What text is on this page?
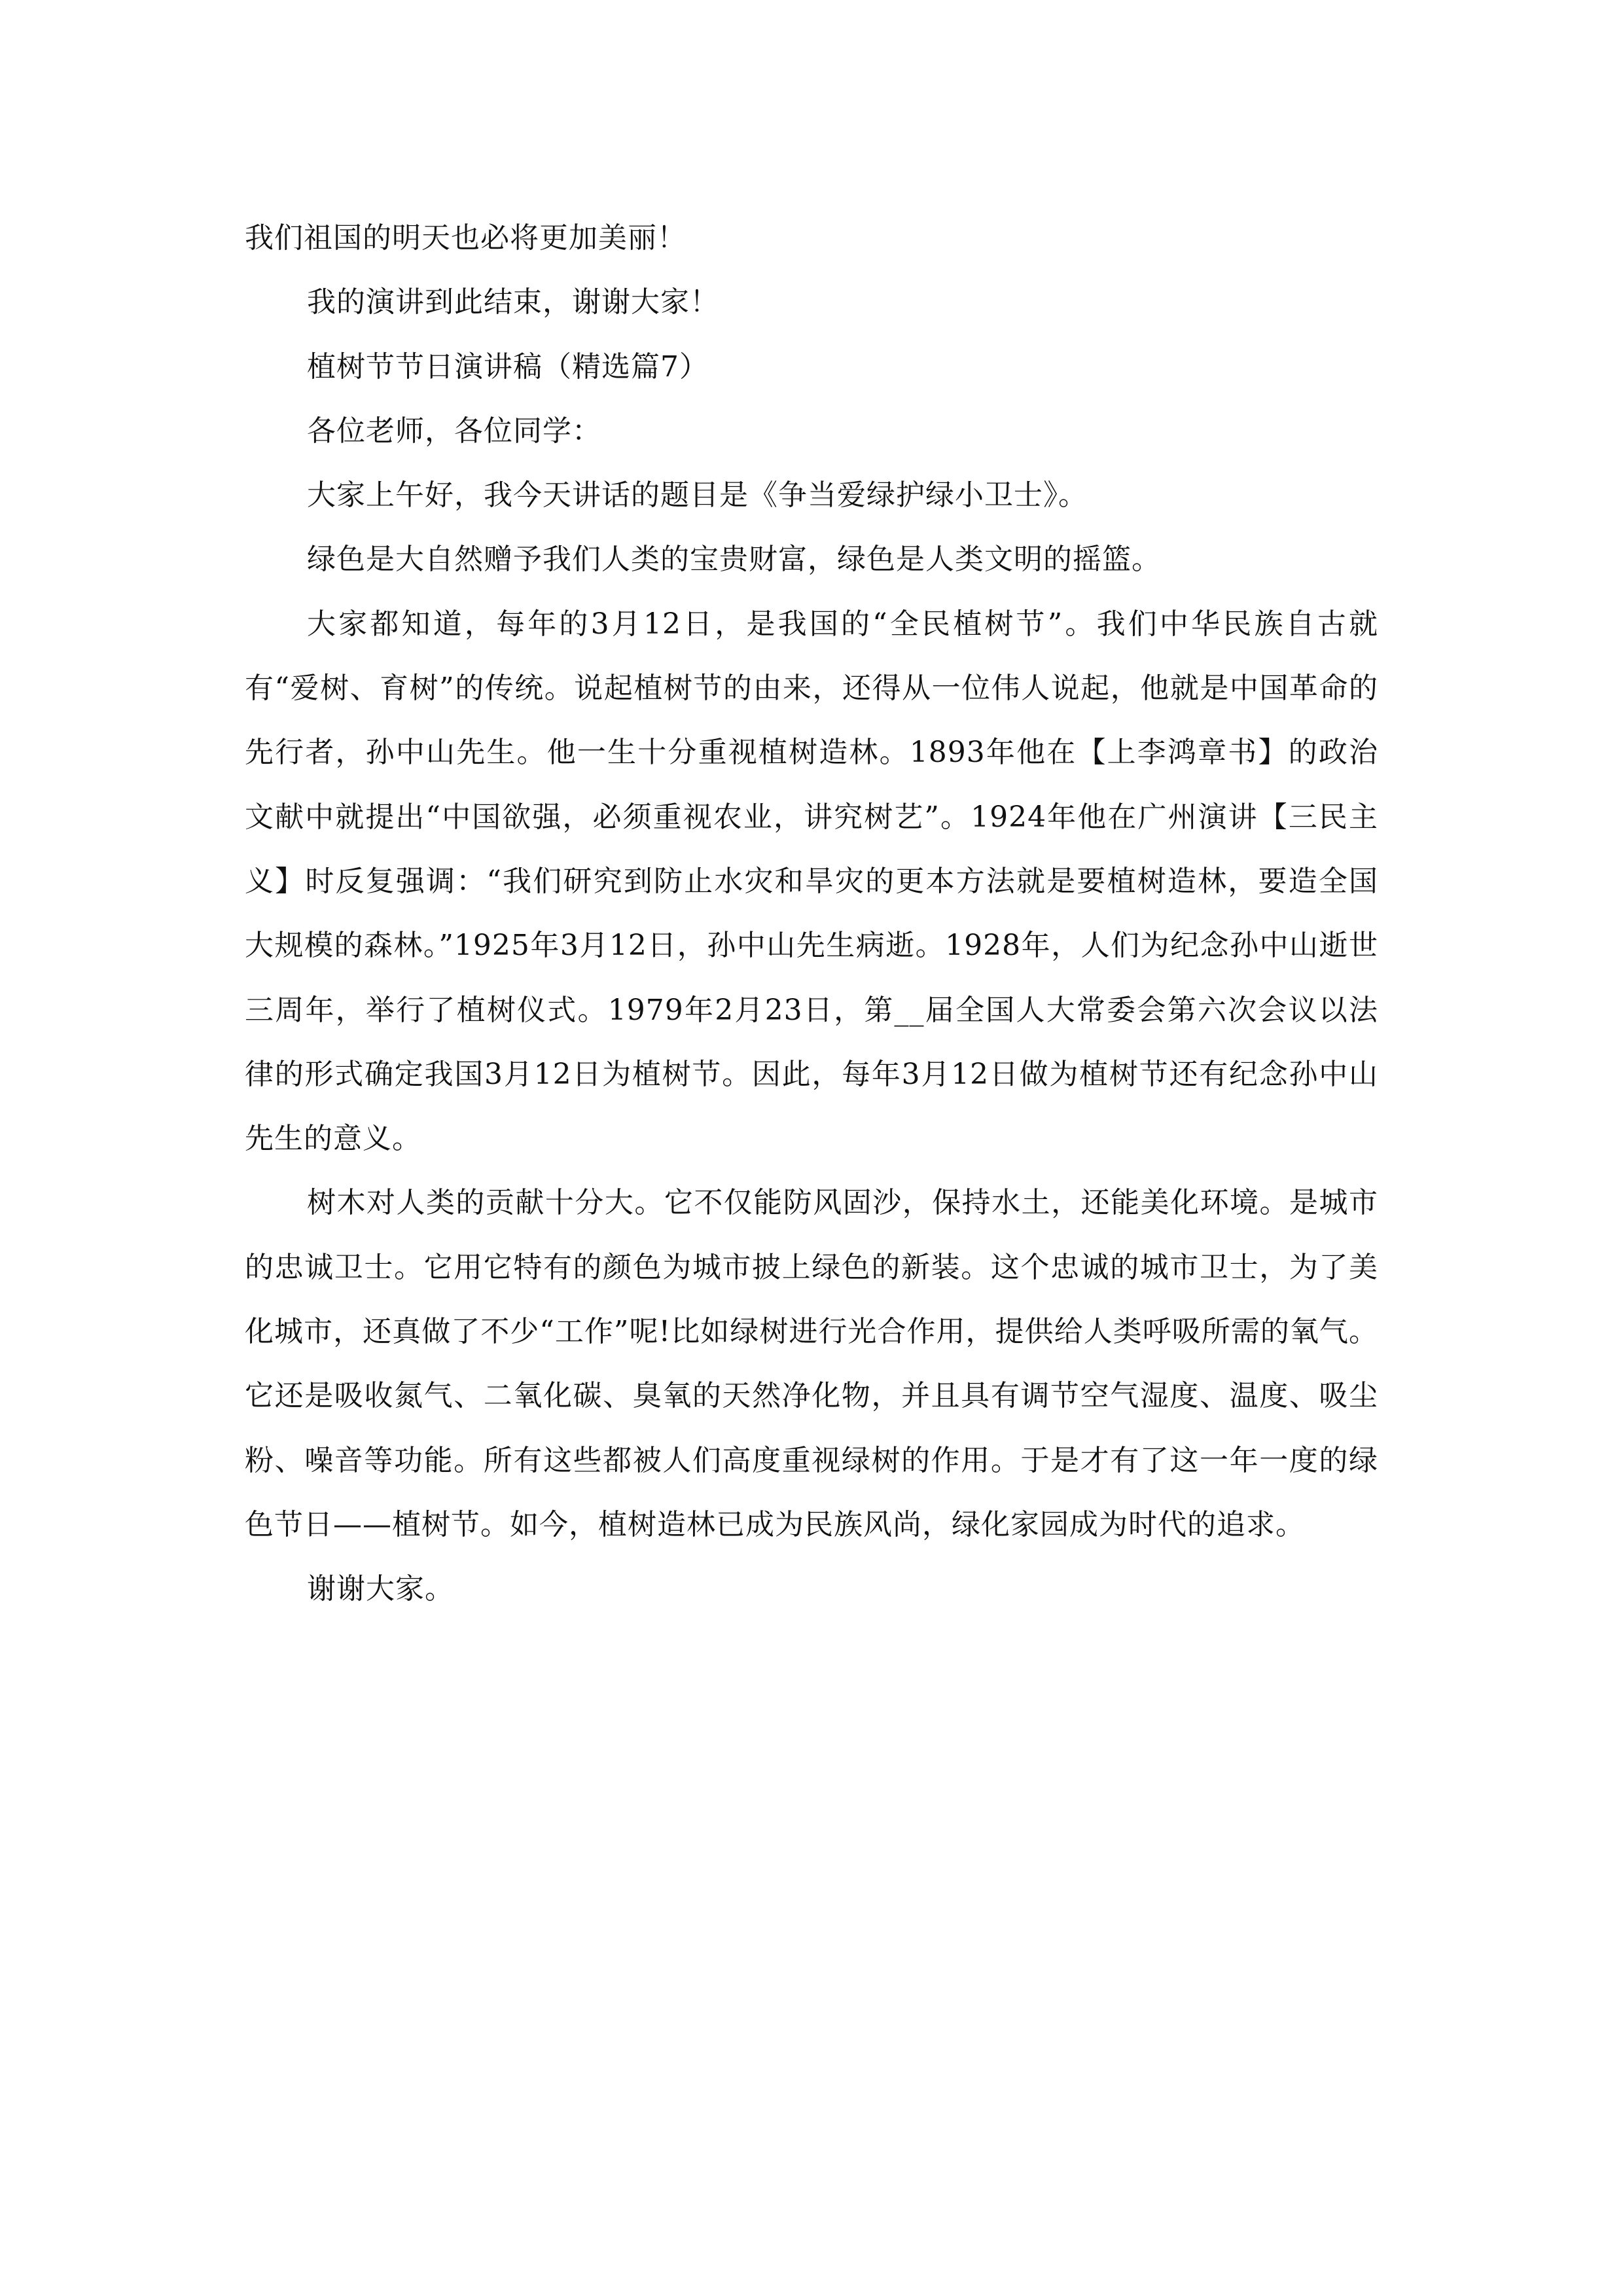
我们祖国的明天也必将更加美丽！

我的演讲到此结束，谢谢大家！

植树节节日演讲稿（精选篇7）

各位老师，各位同学：

大家上午好，我今天讲话的题目是《争当爱绿护绿小卫士》。

绿色是大自然赠予我们人类的宝贵财富，绿色是人类文明的摇篮。

大家都知道，每年的3月12日，是我国的“全民植树节”。我们中华民族自古就有“爱树、育树”的传统。说起植树节的由来，还得从一位伟人说起，他就是中国革命的先行者，孙中山先生。他一生十分重视植树造林。1893年他在【上李鸿章书】的政治文献中就提出“中国欲强，必须重视农业，讲究树艺”。1924年他在广州演讲【三民主义】时反复强调：“我们研究到防止水灾和旱灾的更本方法就是要植树造林，要造全国大规模的森林。”1925年3月12日，孙中山先生病逝。1928年，人们为纪念孙中山逝世三周年，举行了植树仪式。1979年2月23日，第__届全国人大常委会第六次会议以法律的形式确定我国3月12日为植树节。因此，每年3月12日做为植树节还有纪念孙中山先生的意义。

树木对人类的贡献十分大。它不仅能防风固沙，保持水土，还能美化环境。是城市的忠诚卫士。它用它特有的颜色为城市披上绿色的新装。这个忠诚的城市卫士，为了美化城市，还真做了不少“工作”呢!比如绿树进行光合作用，提供给人类呼吸所需的氧气。它还是吸收氮气、二氧化碳、臭氧的天然净化物，并且具有调节空气湿度、温度、吸尘粉、噪音等功能。所有这些都被人们高度重视绿树的作用。于是才有了这一年一度的绿色节日——植树节。如今，植树造林已成为民族风尚，绿化家园成为时代的追求。

谢谢大家。
